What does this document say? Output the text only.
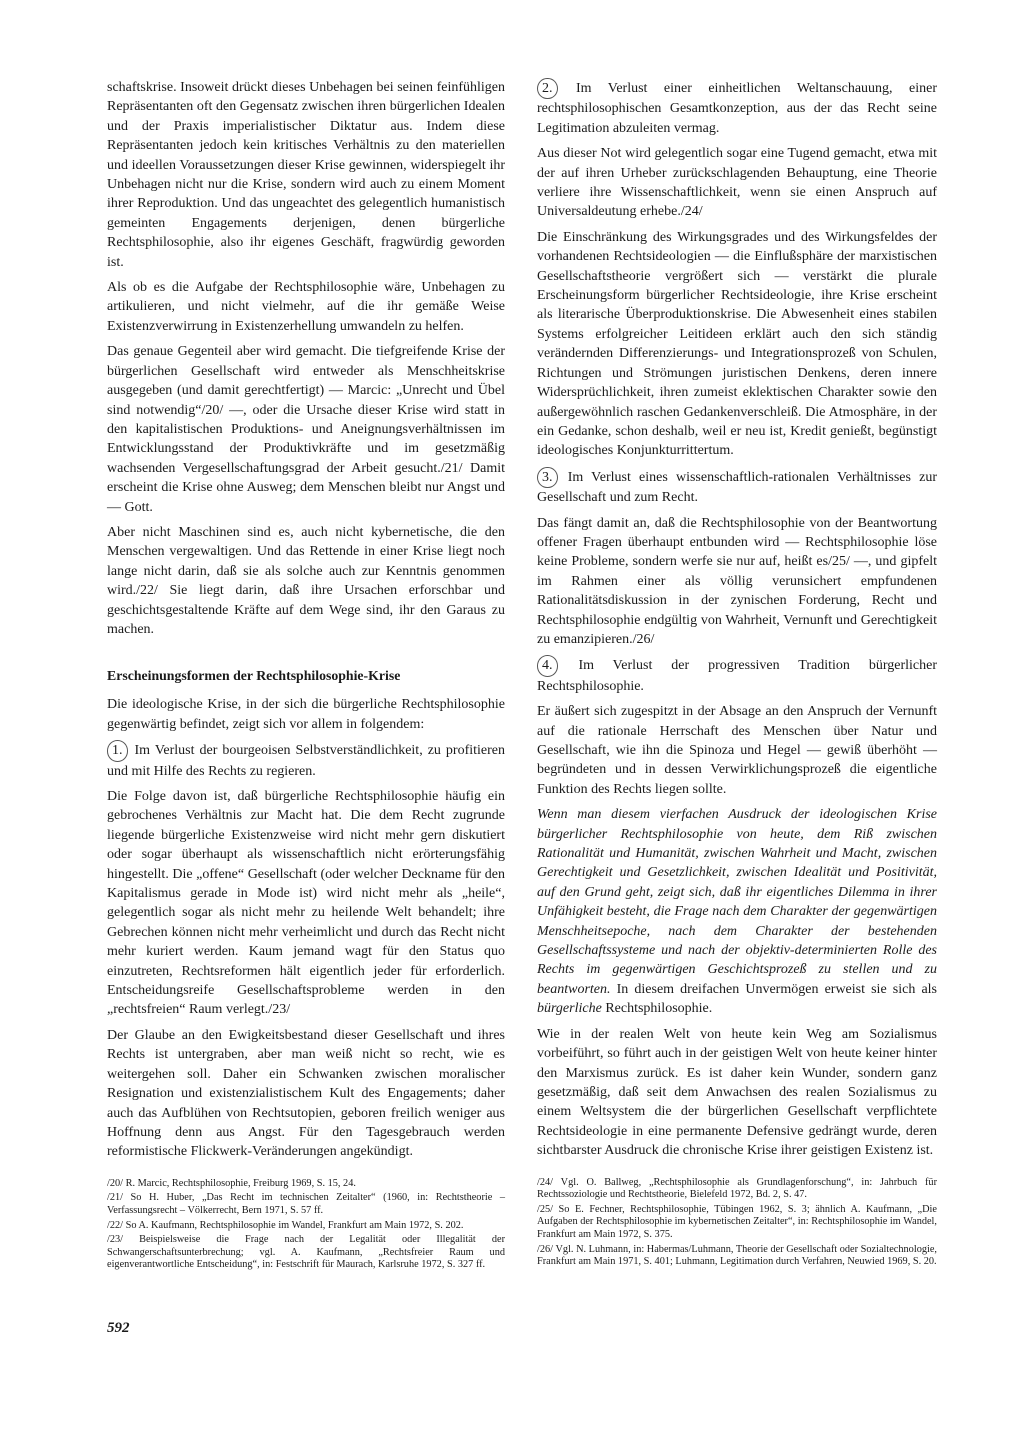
schaftskrise. Insoweit drückt dieses Unbehagen bei seinen feinfühligen Repräsentanten oft den Gegensatz zwischen ihren bürgerlichen Idealen und der Praxis imperialistischer Diktatur aus. Indem diese Repräsentanten jedoch kein kritisches Verhältnis zu den materiellen und ideellen Voraussetzungen dieser Krise gewinnen, widerspiegelt ihr Unbehagen nicht nur die Krise, sondern wird auch zu einem Moment ihrer Reproduktion. Und das ungeachtet des gelegentlich humanistisch gemeinten Engagements derjenigen, denen bürgerliche Rechtsphilosophie, also ihr eigenes Geschäft, fragwürdig geworden ist.

Als ob es die Aufgabe der Rechtsphilosophie wäre, Unbehagen zu artikulieren, und nicht vielmehr, auf die ihr gemäße Weise Existenzverwirrung in Existenzerhellung umwandeln zu helfen.

Das genaue Gegenteil aber wird gemacht. Die tiefgreifende Krise der bürgerlichen Gesellschaft wird entweder als Menschheitskrise ausgegeben (und damit gerechtfertigt) — Marcic: „Unrecht und Übel sind notwendig“/20/ —, oder die Ursache dieser Krise wird statt in den kapitalistischen Produktions- und Aneignungsverhältnissen im Entwicklungsstand der Produktivkräfte und im gesetzmäßig wachsenden Vergesellschaftungsgrad der Arbeit gesucht./21/ Damit erscheint die Krise ohne Ausweg; dem Menschen bleibt nur Angst und — Gott.

Aber nicht Maschinen sind es, auch nicht kybernetische, die den Menschen vergewaltigen. Und das Rettende in einer Krise liegt noch lange nicht darin, daß sie als solche auch zur Kenntnis genommen wird./22/ Sie liegt darin, daß ihre Ursachen erforschbar und geschichtsgestaltende Kräfte auf dem Wege sind, ihr den Garaus zu machen.

Erscheinungsformen der Rechtsphilosophie-Krise

Die ideologische Krise, in der sich die bürgerliche Rechtsphilosophie gegenwärtig befindet, zeigt sich vor allem in folgendem:

1. Im Verlust der bourgeoisen Selbstverständlichkeit, zu profitieren und mit Hilfe des Rechts zu regieren.

Die Folge davon ist, daß bürgerliche Rechtsphilosophie häufig ein gebrochenes Verhältnis zur Macht hat. Die dem Recht zugrunde liegende bürgerliche Existenzweise wird nicht mehr gern diskutiert oder sogar überhaupt als wissenschaftlich nicht erörterungsfähig hingestellt. Die „offene“ Gesellschaft (oder welcher Deckname für den Kapitalismus gerade in Mode ist) wird nicht mehr als „heile“, gelegentlich sogar als nicht mehr zu heilende Welt behandelt; ihre Gebrechen können nicht mehr verheimlicht und durch das Recht nicht mehr kuriert werden. Kaum jemand wagt für den Status quo einzutreten, Rechtsreformen hält eigentlich jeder für erforderlich. Entscheidungsreife Gesellschaftsprobleme werden in den „rechtsfreien“ Raum verlegt./23/

Der Glaube an den Ewigkeitsbestand dieser Gesellschaft und ihres Rechts ist untergraben, aber man weiß nicht so recht, wie es weitergehen soll. Daher ein Schwanken zwischen moralischer Resignation und existenzialistischem Kult des Engagements; daher auch das Aufblühen von Rechtsutopien, geboren freilich weniger aus Hoffnung denn aus Angst. Für den Tagesgebrauch werden reformistische Flickwerk-Veränderungen angekündigt.

/20/ R. Marcic, Rechtsphilosophie, Freiburg 1969, S. 15, 24.

/21/ So H. Huber, „Das Recht im technischen Zeitalter“ (1960, in: Rechtstheorie – Verfassungsrecht – Völkerrecht, Bern 1971, S. 57 ff.

/22/ So A. Kaufmann, Rechtsphilosophie im Wandel, Frankfurt am Main 1972, S. 202.

/23/ Beispielsweise die Frage nach der Legalität oder Illegalität der Schwangerschaftsunterbrechung; vgl. A. Kaufmann, „Rechtsfreier Raum und eigenverantwortliche Entscheidung“, in: Festschrift für Maurach, Karlsruhe 1972, S. 327 ff.

2. Im Verlust einer einheitlichen Weltanschauung, einer rechtsphilosophischen Gesamtkonzeption, aus der das Recht seine Legitimation abzuleiten vermag.

Aus dieser Not wird gelegentlich sogar eine Tugend gemacht, etwa mit der auf ihren Urheber zurückschlagenden Behauptung, eine Theorie verliere ihre Wissenschaftlichkeit, wenn sie einen Anspruch auf Universaldeutung erhebe./24/

Die Einschränkung des Wirkungsgrades und des Wirkungsfeldes der vorhandenen Rechtsideologien — die Einflußsphäre der marxistischen Gesellschaftstheorie vergrößert sich — verstärkt die plurale Erscheinungsform bürgerlicher Rechtsideologie, ihre Krise erscheint als literarische Überproduktionskrise. Die Abwesenheit eines stabilen Systems erfolgreicher Leitideen erklärt auch den sich ständig verändernden Differenzierungs- und Integrationsprozeß von Schulen, Richtungen und Strömungen juristischen Denkens, deren innere Widersprüchlichkeit, ihren zumeist eklektischen Charakter sowie den außergewöhnlich raschen Gedankenverschleiß. Die Atmosphäre, in der ein Gedanke, schon deshalb, weil er neu ist, Kredit genießt, begünstigt ideologisches Konjunkturrittertum.

3. Im Verlust eines wissenschaftlich-rationalen Verhältnisses zur Gesellschaft und zum Recht.

Das fängt damit an, daß die Rechtsphilosophie von der Beantwortung offener Fragen überhaupt entbunden wird — Rechtsphilosophie löse keine Probleme, sondern werfe sie nur auf, heißt es/25/ —, und gipfelt im Rahmen einer als völlig verunsichert empfundenen Rationalitätsdiskussion in der zynischen Forderung, Recht und Rechtsphilosophie endgültig von Wahrheit, Vernunft und Gerechtigkeit zu emanzipieren./26/

4. Im Verlust der progressiven Tradition bürgerlicher Rechtsphilosophie.

Er äußert sich zugespitzt in der Absage an den Anspruch der Vernunft auf die rationale Herrschaft des Menschen über Natur und Gesellschaft, wie ihn die Spinoza und Hegel — gewiß überhöht — begründeten und in dessen Verwirklichungsprozeß die eigentliche Funktion des Rechts liegen sollte.

Wenn man diesem vierfachen Ausdruck der ideologischen Krise bürgerlicher Rechtsphilosophie von heute, dem Riß zwischen Rationalität und Humanität, zwischen Wahrheit und Macht, zwischen Gerechtigkeit und Gesetzlichkeit, zwischen Idealität und Positivität, auf den Grund geht, zeigt sich, daß ihr eigentliches Dilemma in ihrer Unfähigkeit besteht, die Frage nach dem Charakter der gegenwärtigen Menschheitsepoche, nach dem Charakter der bestehenden Gesellschaftssysteme und nach der objektiv-determinierten Rolle des Rechts im gegenwärtigen Geschichtsprozeß zu stellen und zu beantworten. In diesem dreifachen Unvermögen erweist sie sich als bürgerliche Rechtsphilosophie.

Wie in der realen Welt von heute kein Weg am Sozialismus vorbeiführt, so führt auch in der geistigen Welt von heute keiner hinter den Marxismus zurück. Es ist daher kein Wunder, sondern ganz gesetzmäßig, daß seit dem Anwachsen des realen Sozialismus zu einem Weltsystem die der bürgerlichen Gesellschaft verpflichtete Rechtsideologie in eine permanente Defensive gedrängt wurde, deren sichtbarster Ausdruck die chronische Krise ihrer geistigen Existenz ist.

/24/ Vgl. O. Ballweg, „Rechtsphilosophie als Grundlagenforschung“, in: Jahrbuch für Rechtssoziologie und Rechtstheorie, Bielefeld 1972, Bd. 2, S. 47.

/25/ So E. Fechner, Rechtsphilosophie, Tübingen 1962, S. 3; ähnlich A. Kaufmann, „Die Aufgaben der Rechtsphilosophie im kybernetischen Zeitalter“, in: Rechtsphilosophie im Wandel, Frankfurt am Main 1972, S. 375.

/26/ Vgl. N. Luhmann, in: Habermas/Luhmann, Theorie der Gesellschaft oder Sozialtechnologie, Frankfurt am Main 1971, S. 401; Luhmann, Legitimation durch Verfahren, Neuwied 1969, S. 20.

592
